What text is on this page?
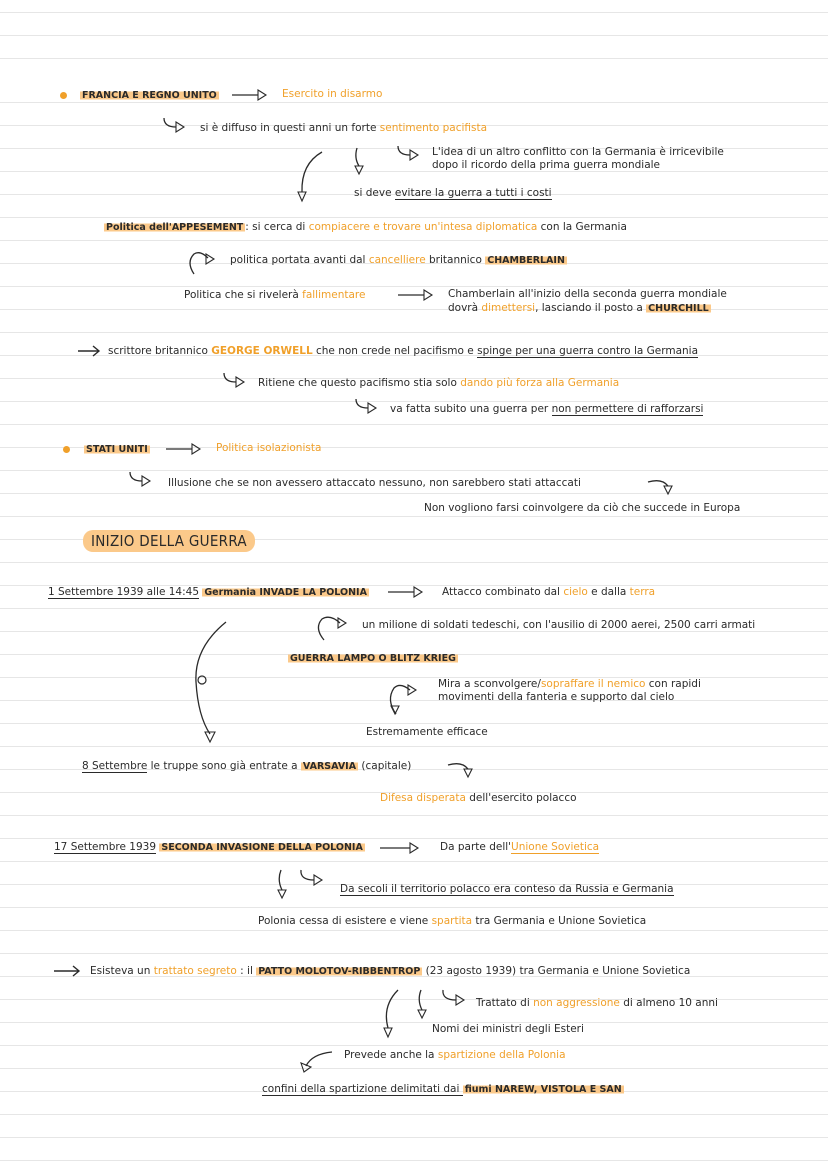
FRANCIA E REGNO UNITO	Esercito in disarmo
si è diffuso in questi anni un forte sentimento pacifista
L'idea di un altro conflitto con la Germania è irricevibile
dopo il ricordo della prima guerra mondiale
si deve evitare la guerra a tutti i costi
Politica dell'APPESEMENT : si cerca di compiacere e trovare un'intesa diplomatica con la Germania
politica portata avanti dal cancelliere britannico CHAMBERLAIN
Politica che si rivelerà fallimentare	Chamberlain all'inizio della seconda guerra mondiale
dovrà dimettersi, lasciando il posto a CHURCHILL
scrittore britannico GEORGE ORWELL che non crede nel pacifismo e spinge per una guerra contro la Germania
Ritiene che questo pacifismo stia solo dando più forza alla Germania
va fatta subito una guerra per non permettere di rafforzarsi
STATI UNITI	Politica isolazionista
Illusione che se non avessero attaccato nessuno, non sarebbero stati attaccati
Non vogliono farsi coinvolgere da ciò che succede in Europa
INIZIO DELLA GUERRA
1 Settembre 1939 alle 14:45 Germania INVADE LA POLONIA	Attacco combinato dal cielo e dalla terra
un milione di soldati tedeschi, con l'ausilio di 2000 aerei, 2500 carri armati
GUERRA LAMPO O BLITZ KRIEG
Mira a sconvolgere/sopraffare il nemico con rapidi
movimenti della fanteria e supporto dal cielo
Estremamente efficace
8 Settembre le truppe sono già entrate a VARSAVIA (capitale)
Difesa disperata dell'esercito polacco
17 Settembre 1939 SECONDA INVASIONE DELLA POLONIA	Da parte dell'Unione Sovietica
Da secoli il territorio polacco era conteso da Russia e Germania
Polonia cessa di esistere e viene spartita tra Germania e Unione Sovietica
Esisteva un trattato segreto : il PATTO MOLOTOV-RIBBENTROP (23 agosto 1939) tra Germania e Unione Sovietica
Trattato di non aggressione di almeno 10 anni
Nomi dei ministri degli Esteri
Prevede anche la spartizione della Polonia
confini della spartizione delimitati dai fiumi NAREW, VISTOLA E SAN
